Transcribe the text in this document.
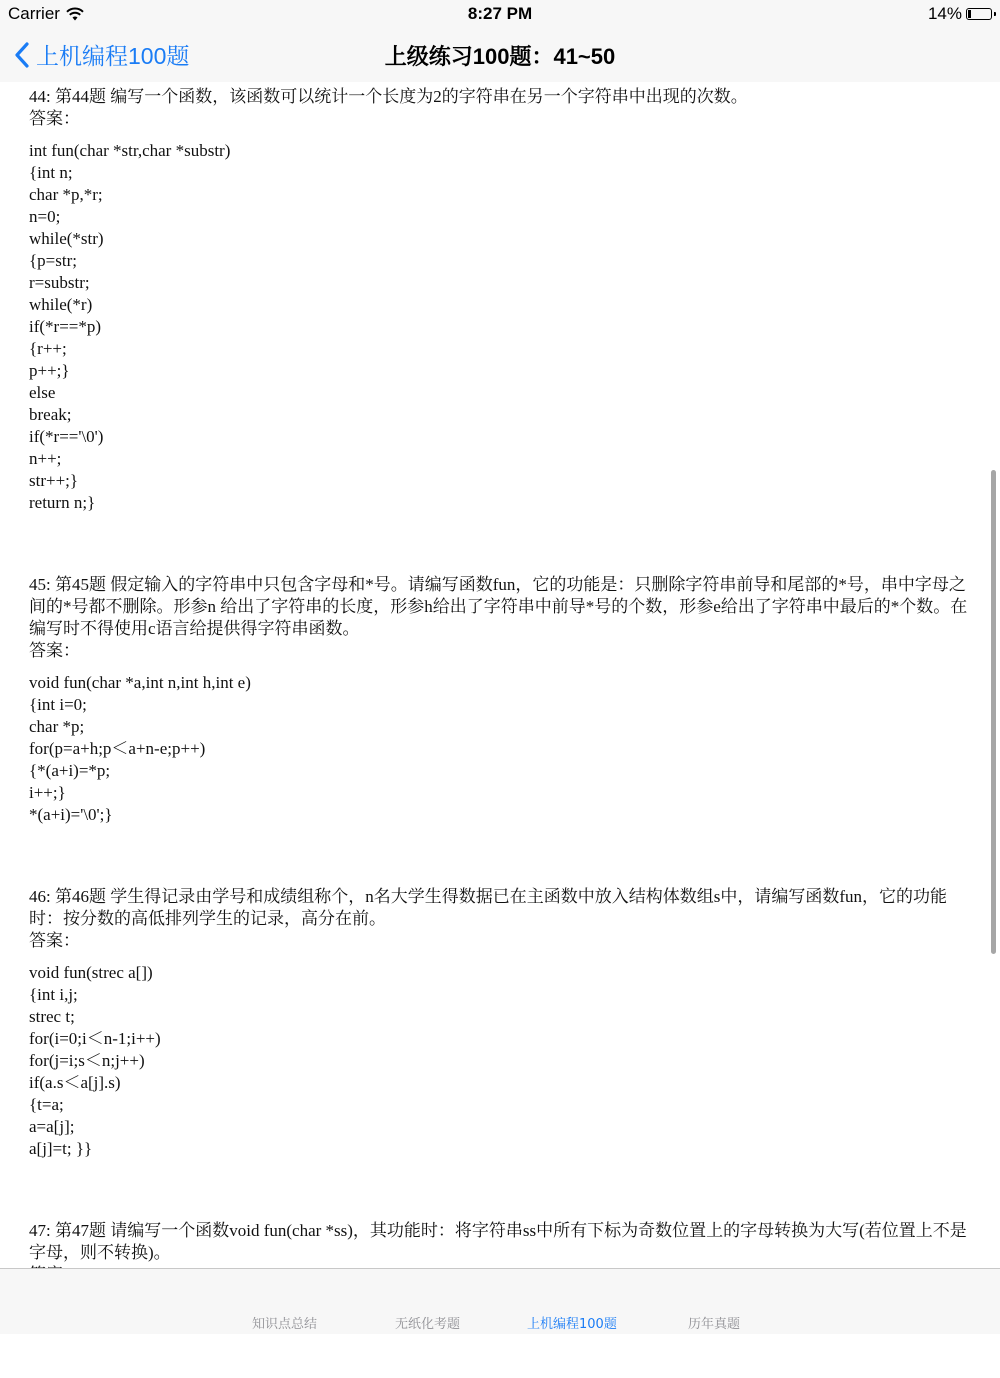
Carrier	8:27 PM	14%
上机编程100题	上级练习100题：41~50
44: 第44题 编写一个函数，该函数可以统计一个长度为2的字符串在另一个字符串中出现的次数。
答案：
int fun(char *str,char *substr)
{int n;
char *p,*r;
n=0;
while(*str)
{p=str;
r=substr;
while(*r)
if(*r==*p)
{r++;
p++;}
else
break;
if(*r=='\0')
n++;
str++;}
return n;}
45: 第45题 假定输入的字符串中只包含字母和*号。请编写函数fun，它的功能是：只删除字符串前导和尾部的*号，串中字母之间的*号都不删除。形参n 给出了字符串的长度，形参h给出了字符串中前导*号的个数，形参e给出了字符串中最后的*个数。在编写时不得使用c语言给提供得字符串函数。
答案：
void fun(char *a,int n,int h,int e)
{int i=0;
char *p;
for(p=a+h;p＜a+n-e;p++)
{*(a+i)=*p;
i++;}
*(a+i)='\0';}
46: 第46题 学生得记录由学号和成绩组称个，n名大学生得数据已在主函数中放入结构体数组s中，请编写函数fun，它的功能时：按分数的高低排列学生的记录，高分在前。
答案：
void fun(strec a[])
{int i,j;
strec t;
for(i=0;i＜n-1;i++)
for(j=i;s＜n;j++)
if(a.s＜a[j].s)
{t=a;
a=a[j];
a[j]=t; }}
47: 第47题 请编写一个函数void fun(char *ss)，其功能时：将字符串ss中所有下标为奇数位置上的字母转换为大写(若位置上不是字母，则不转换)。
知识点总结	无纸化考题	上机编程100题	历年真题
